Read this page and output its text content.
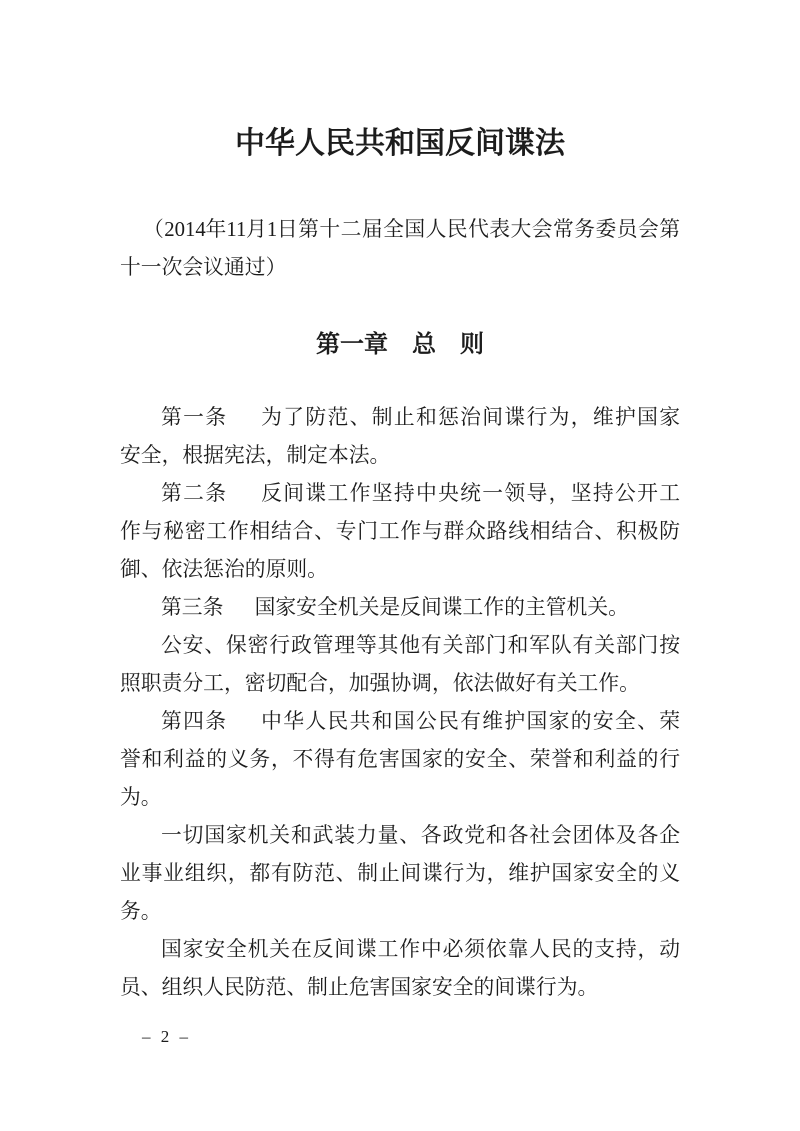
中华人民共和国反间谍法

（2014 年 11 月 1 日第十二届全国人民代表大会常务委员会第

十一次会议通过）

第一章　总　则

第一条　 为了防范、制止和惩治间谍行为，维护国家

安全，根据宪法，制定本法。

第二条　 反间谍工作坚持中央统一领导，坚持公开工

作与秘密工作相结合、专门工作与群众路线相结合、积极防

御、依法惩治的原则。

第三条　 国家安全机关是反间谍工作的主管机关。

公安、保密行政管理等其他有关部门和军队有关部门按

照职责分工，密切配合，加强协调，依法做好有关工作。

第四条　 中华人民共和国公民有维护国家的安全、荣

誉和利益的义务，不得有危害国家的安全、荣誉和利益的行

为。

一切国家机关和武装力量、各政党和各社会团体及各企

业事业组织，都有防范、制止间谍行为，维护国家安全的义

务。

国家安全机关在反间谍工作中必须依靠人民的支持，动

员、组织人民防范、制止危害国家安全的间谍行为。

– 2 –
